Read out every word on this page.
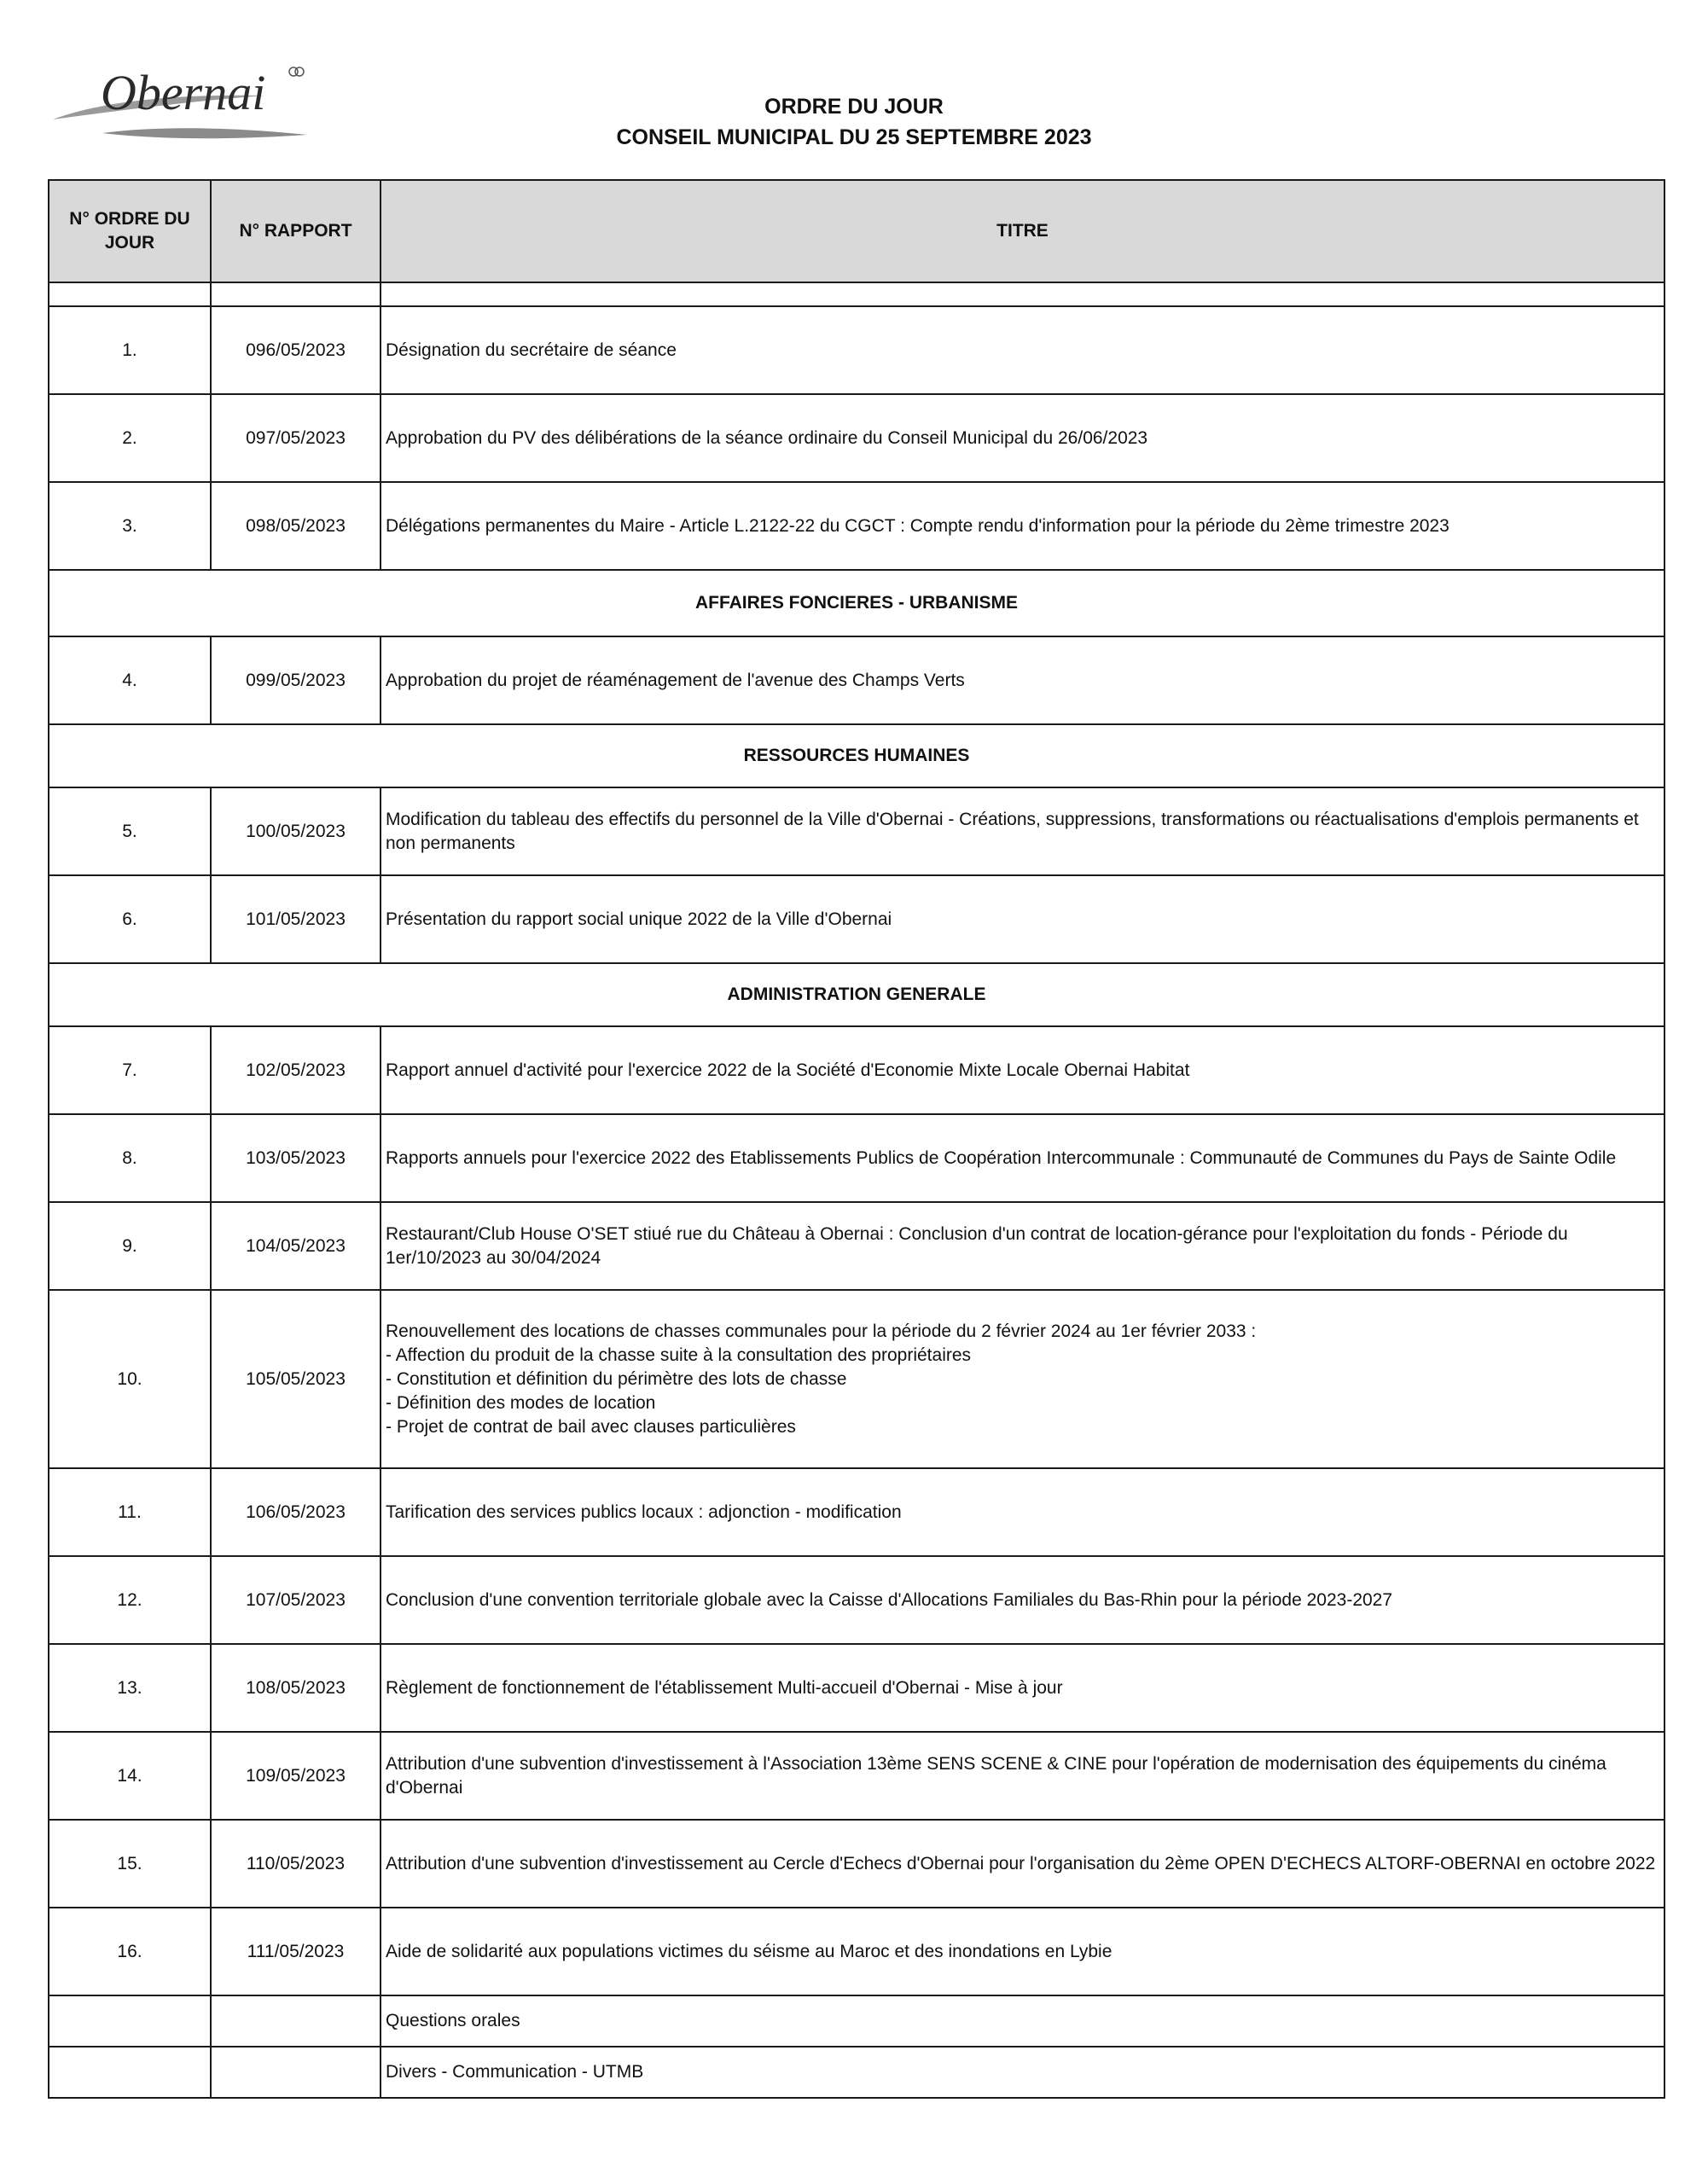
Obernai	ORDRE DU JOUR
CONSEIL MUNICIPAL DU 25 SEPTEMBRE 2023
N° ORDRE DU JOUR	N° RAPPORT	TITRE

1.	096/05/2023	Désignation du secrétaire de séance
2.	097/05/2023	Approbation du PV des délibérations de la séance ordinaire du Conseil Municipal du 26/06/2023
3.	098/05/2023	Délégations permanentes du Maire - Article L.2122-22 du CGCT : Compte rendu d'information pour la période du 2ème trimestre 2023
AFFAIRES FONCIERES - URBANISME		
4.	099/05/2023	Approbation du projet de réaménagement de l'avenue des Champs Verts
RESSOURCES HUMAINES		
5.	100/05/2023	Modification du tableau des effectifs du personnel de la Ville d'Obernai - Créations, suppressions, transformations ou réactualisations d'emplois permanents et non permanents
6.	101/05/2023	Présentation du rapport social unique 2022 de la Ville d'Obernai
ADMINISTRATION GENERALE		
7.	102/05/2023	Rapport annuel d'activité pour l'exercice 2022 de la Société d'Economie Mixte Locale Obernai Habitat
8.	103/05/2023	Rapports annuels pour l'exercice 2022 des Etablissements Publics de Coopération Intercommunale : Communauté de Communes du Pays de Sainte Odile
9.	104/05/2023	Restaurant/Club House O'SET stiué rue du Château à Obernai : Conclusion d'un contrat de location-gérance pour l'exploitation du fonds - Période du 1er/10/2023 au 30/04/2024
10.	105/05/2023	Renouvellement des locations de chasses communales pour la période du 2 février 2024 au 1er février 2033 :
- Affection du produit de la chasse suite à la consultation des propriétaires
- Constitution et définition du périmètre des lots de chasse
- Définition des modes de location
- Projet de contrat de bail avec clauses particulières

11.	106/05/2023	Tarification des services publics locaux : adjonction - modification
12.	107/05/2023	Conclusion d'une convention territoriale globale avec la Caisse d'Allocations Familiales du Bas-Rhin pour la période 2023-2027
13.	108/05/2023	Règlement de fonctionnement de l'établissement Multi-accueil d'Obernai - Mise à jour
14.	109/05/2023	Attribution d'une subvention d'investissement à l'Association 13ème SENS SCENE & CINE pour l'opération de modernisation des équipements du cinéma d'Obernai
15.	110/05/2023	Attribution d'une subvention d'investissement au Cercle d'Echecs d'Obernai pour l'organisation du 2ème OPEN D'ECHECS ALTORF-OBERNAI en octobre 2022
16.	111/05/2023	Aide de solidarité aux populations victimes du séisme au Maroc et des inondations en Lybie
		Questions orales
		Divers - Communication - UTMB
